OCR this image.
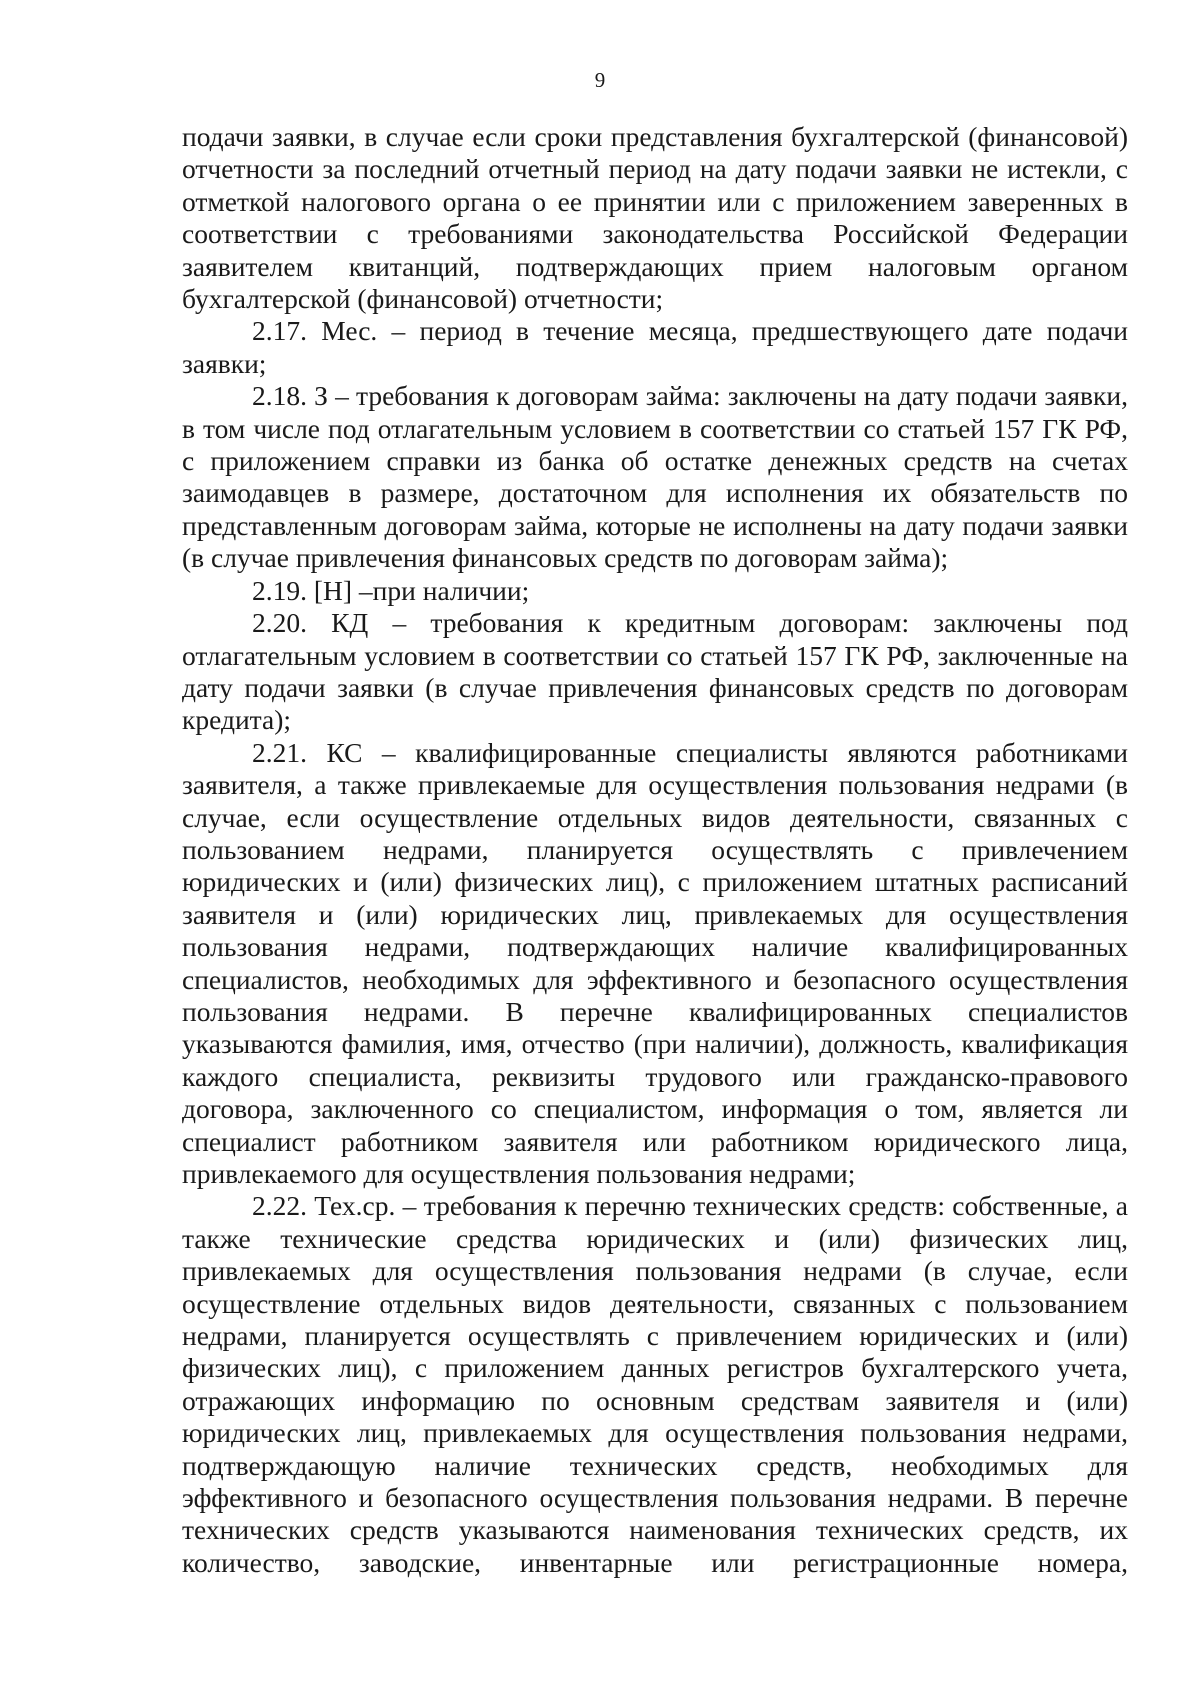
9

подачи заявки, в случае если сроки представления бухгалтерской (финансовой) отчетности за последний отчетный период на дату подачи заявки не истекли, с отметкой налогового органа о ее принятии или с приложением заверенных в соответствии с требованиями законодательства Российской Федерации заявителем квитанций, подтверждающих прием налоговым органом бухгалтерской (финансовой) отчетности;

2.17. Мес. – период в течение месяца, предшествующего дате подачи заявки;

2.18. З – требования к договорам займа: заключены на дату подачи заявки, в том числе под отлагательным условием в соответствии со статьей 157 ГК РФ, с приложением справки из банка об остатке денежных средств на счетах заимодавцев в размере, достаточном для исполнения их обязательств по представленным договорам займа, которые не исполнены на дату подачи заявки (в случае привлечения финансовых средств по договорам займа);

2.19. [Н] –при наличии;

2.20. КД – требования к кредитным договорам: заключены под отлагательным условием в соответствии со статьей 157 ГК РФ, заключенные на дату подачи заявки (в случае привлечения финансовых средств по договорам кредита);

2.21. КС – квалифицированные специалисты являются работниками заявителя, а также привлекаемые для осуществления пользования недрами (в случае, если осуществление отдельных видов деятельности, связанных с пользованием недрами, планируется осуществлять с привлечением юридических и (или) физических лиц), с приложением штатных расписаний заявителя и (или) юридических лиц, привлекаемых для осуществления пользования недрами, подтверждающих наличие квалифицированных специалистов, необходимых для эффективного и безопасного осуществления пользования недрами. В перечне квалифицированных специалистов указываются фамилия, имя, отчество (при наличии), должность, квалификация каждого специалиста, реквизиты трудового или гражданско-правового договора, заключенного со специалистом, информация о том, является ли специалист работником заявителя или работником юридического лица, привлекаемого для осуществления пользования недрами;

2.22. Тех.ср. – требования к перечню технических средств: собственные, а также технические средства юридических и (или) физических лиц, привлекаемых для осуществления пользования недрами (в случае, если осуществление отдельных видов деятельности, связанных с пользованием недрами, планируется осуществлять с привлечением юридических и (или) физических лиц), с приложением данных регистров бухгалтерского учета, отражающих информацию по основным средствам заявителя и (или) юридических лиц, привлекаемых для осуществления пользования недрами, подтверждающую наличие технических средств, необходимых для эффективного и безопасного осуществления пользования недрами. В перечне технических средств указываются наименования технических средств, их количество, заводские, инвентарные или регистрационные номера,
